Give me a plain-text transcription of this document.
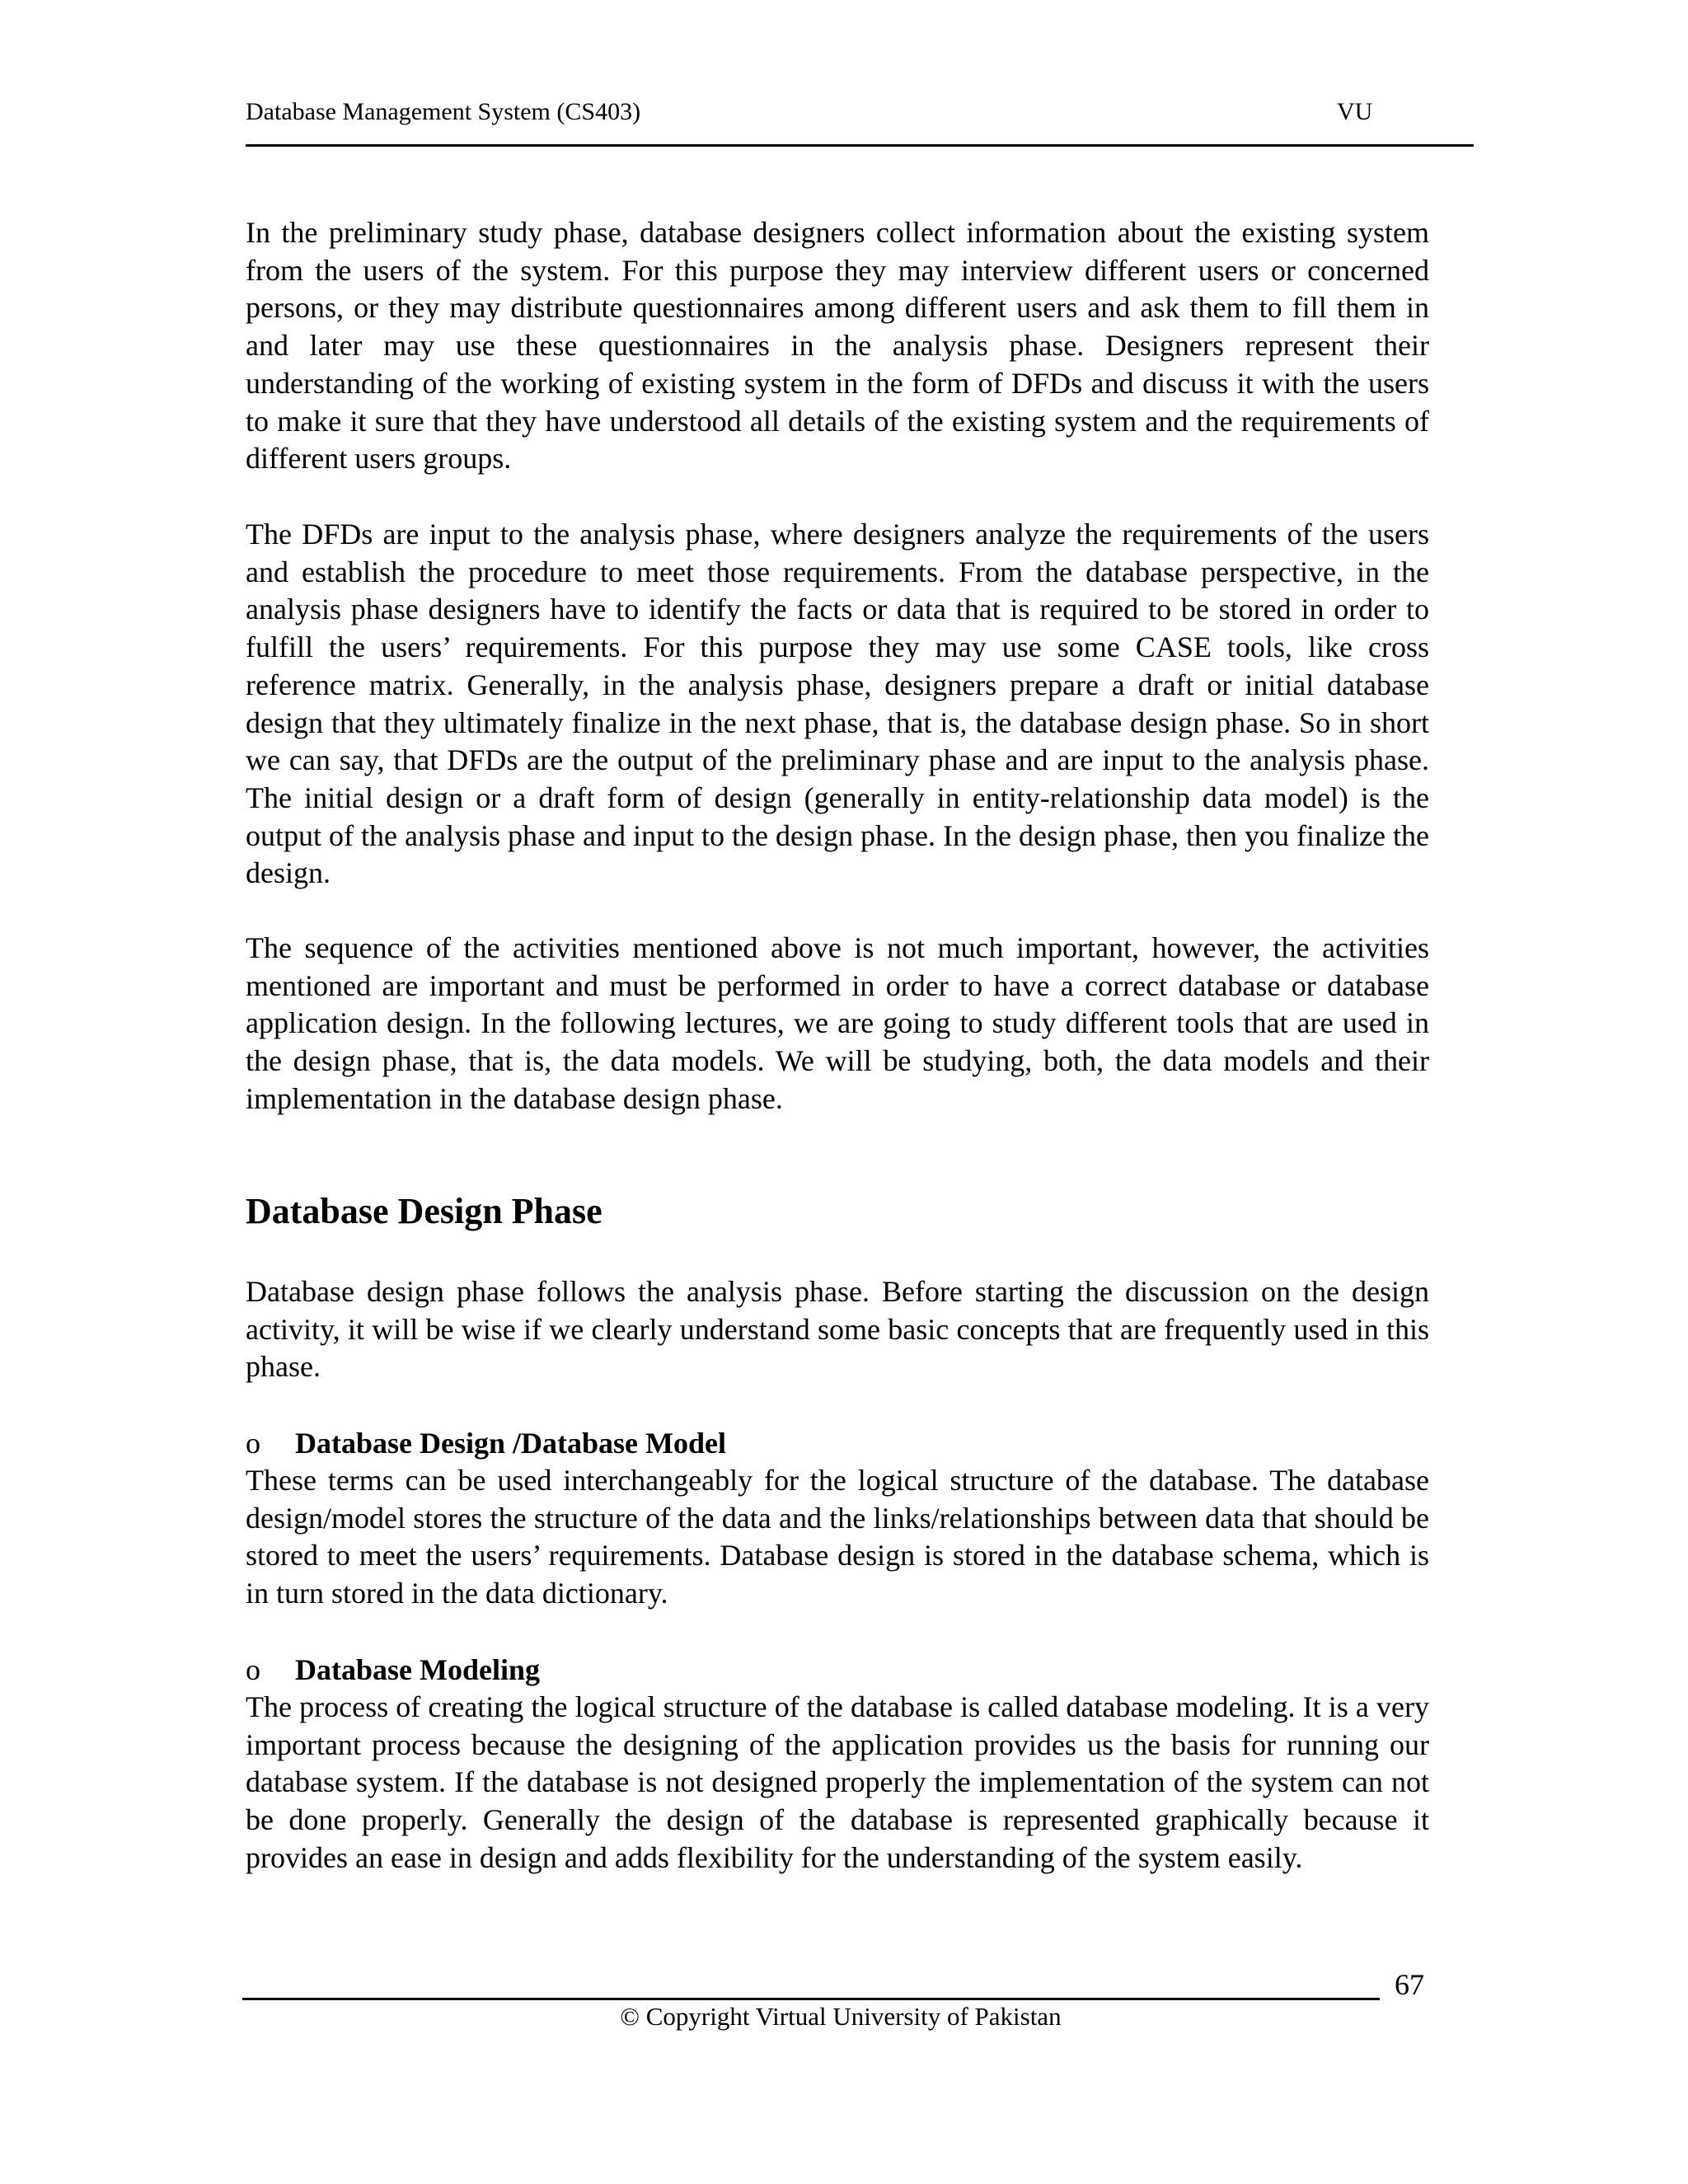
Database Management System (CS403)	VU

In the preliminary study phase, database designers collect information about the existing system from the users of the system. For this purpose they may interview different users or concerned persons, or they may distribute questionnaires among different users and ask them to fill them in and later may use these questionnaires in the analysis phase. Designers represent their understanding of the working of existing system in the form of DFDs and discuss it with the users to make it sure that they have understood all details of the existing system and the requirements of different users groups.

The DFDs are input to the analysis phase, where designers analyze the requirements of the users and establish the procedure to meet those requirements. From the database perspective, in the analysis phase designers have to identify the facts or data that is required to be stored in order to fulfill the users’ requirements. For this purpose they may use some CASE tools, like cross reference matrix. Generally, in the analysis phase, designers prepare a draft or initial database design that they ultimately finalize in the next phase, that is, the database design phase. So in short we can say, that DFDs are the output of the preliminary phase and are input to the analysis phase. The initial design or a draft form of design (generally in entity-relationship data model) is the output of the analysis phase and input to the design phase. In the design phase, then you finalize the design.

The sequence of the activities mentioned above is not much important, however, the activities mentioned are important and must be performed in order to have a correct database or database application design. In the following lectures, we are going to study different tools that are used in the design phase, that is, the data models. We will be studying, both, the data models and their implementation in the database design phase.

Database Design Phase

Database design phase follows the analysis phase. Before starting the discussion on the design activity, it will be wise if we clearly understand some basic concepts that are frequently used in this phase.

o Database Design /Database Model

These terms can be used interchangeably for the logical structure of the database. The database design/model stores the structure of the data and the links/relationships between data that should be stored to meet the users’ requirements. Database design is stored in the database schema, which is in turn stored in the data dictionary.

o Database Modeling

The process of creating the logical structure of the database is called database modeling. It is a very important process because the designing of the application provides us the basis for running our database system. If the database is not designed properly the implementation of the system can not be done properly. Generally the design of the database is represented graphically because it provides an ease in design and adds flexibility for the understanding of the system easily.

67
© Copyright Virtual University of Pakistan
